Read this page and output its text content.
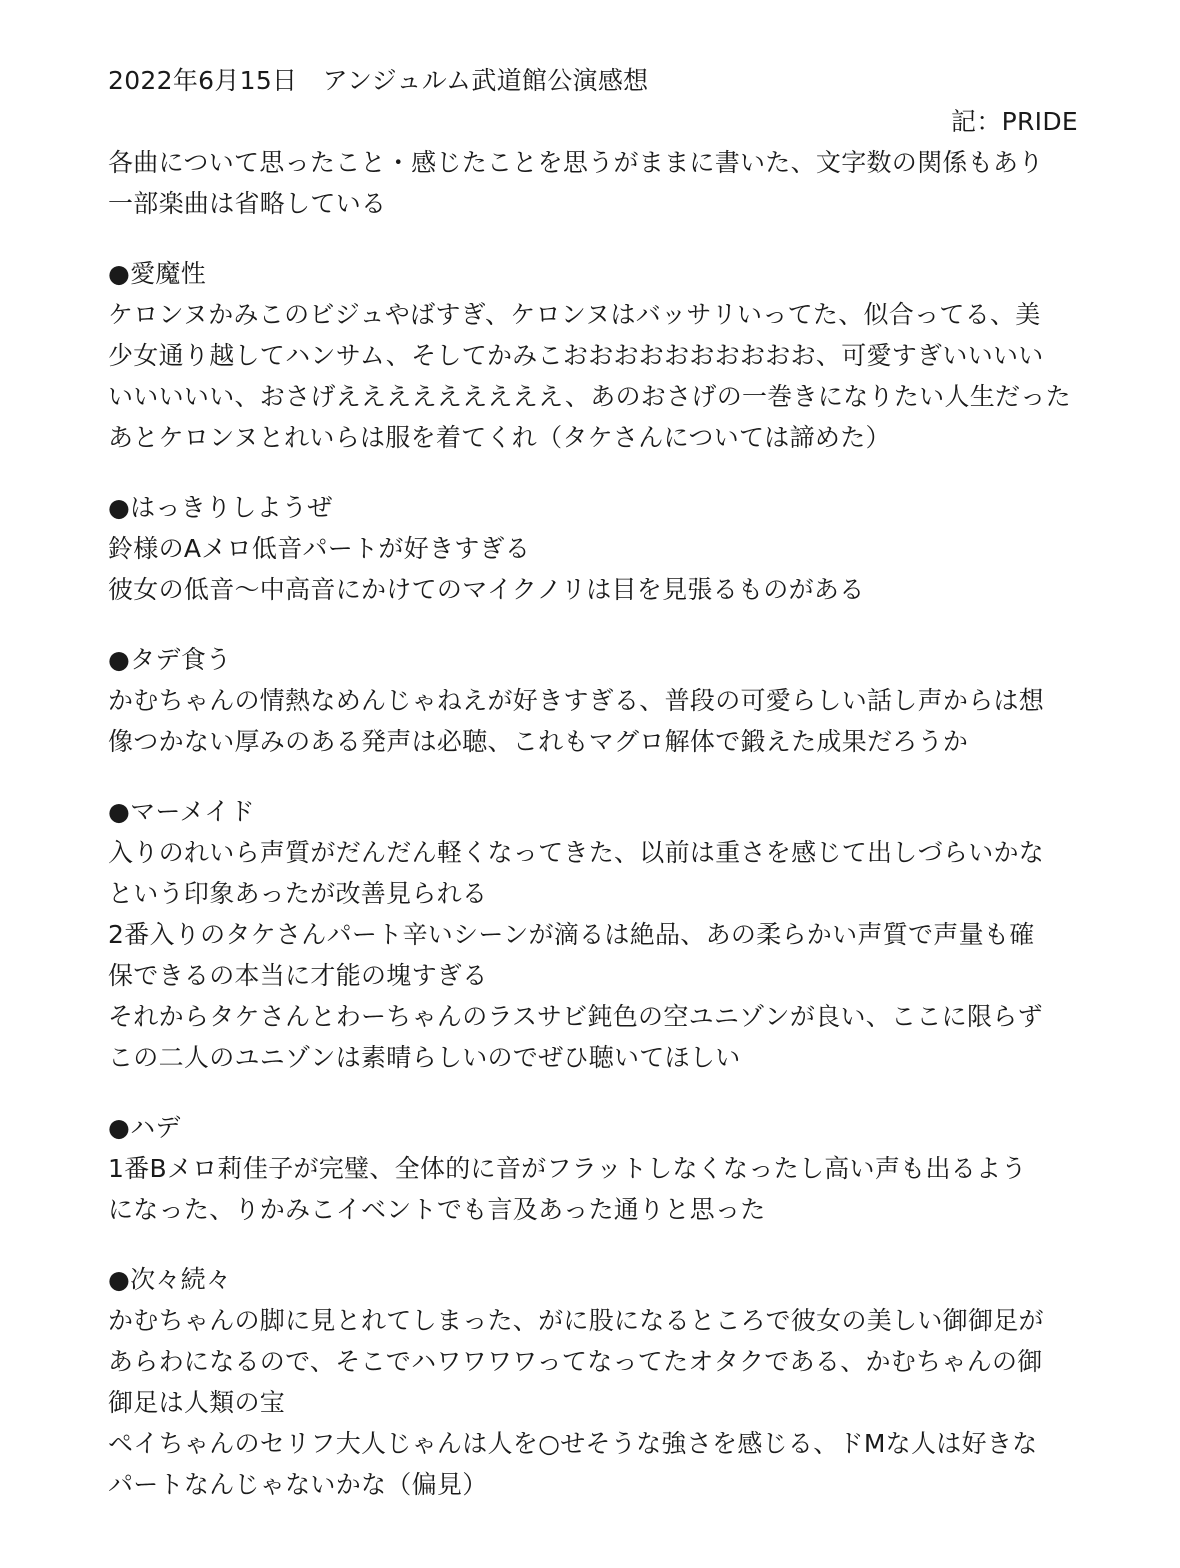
2022年6月15日　アンジュルム武道館公演感想
記：PRIDE
各曲について思ったこと・感じたことを思うがままに書いた、文字数の関係もあり
一部楽曲は省略している
●愛魔性
ケロンヌかみこのビジュやばすぎ、ケロンヌはバッサリいってた、似合ってる、美
少女通り越してハンサム、そしてかみこおおおおおおおおおお、可愛すぎいいいい
いいいいい、おさげえええええええええ、あのおさげの一巻きになりたい人生だった
あとケロンヌとれいらは服を着てくれ（タケさんについては諦めた）
●はっきりしようぜ
鈴様のAメロ低音パートが好きすぎる
彼女の低音〜中高音にかけてのマイクノリは目を見張るものがある
●タデ食う
かむちゃんの情熱なめんじゃねえが好きすぎる、普段の可愛らしい話し声からは想
像つかない厚みのある発声は必聴、これもマグロ解体で鍛えた成果だろうか
●マーメイド
入りのれいら声質がだんだん軽くなってきた、以前は重さを感じて出しづらいかな
という印象あったが改善見られる
2番入りのタケさんパート辛いシーンが滴るは絶品、あの柔らかい声質で声量も確
保できるの本当に才能の塊すぎる
それからタケさんとわーちゃんのラスサビ鈍色の空ユニゾンが良い、ここに限らず
この二人のユニゾンは素晴らしいのでぜひ聴いてほしい
●ハデ
1番Bメロ莉佳子が完璧、全体的に音がフラットしなくなったし高い声も出るよう
になった、りかみこイベントでも言及あった通りと思った
●次々続々
かむちゃんの脚に見とれてしまった、がに股になるところで彼女の美しい御御足が
あらわになるので、そこでハワワワワってなってたオタクである、かむちゃんの御
御足は人類の宝
ペイちゃんのセリフ大人じゃんは人を○せそうな強さを感じる、ドMな人は好きな
パートなんじゃないかな（偏見）
